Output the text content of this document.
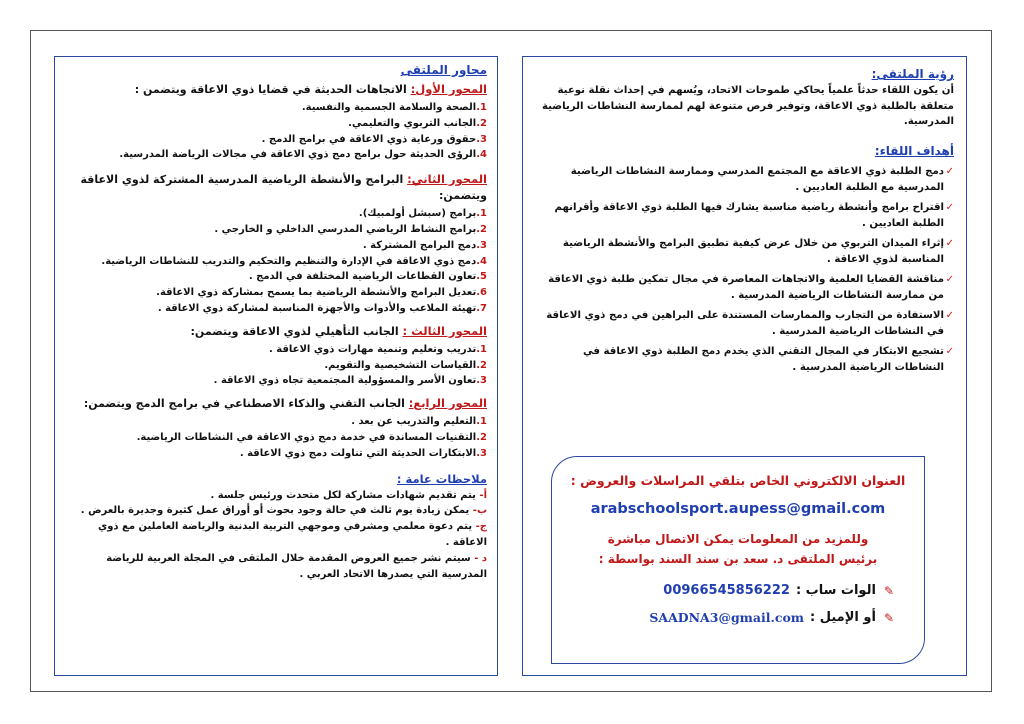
رؤية الملتقى:

أن يكون اللقاء حدثاً علمياً يحاكي طموحات الاتحاد، ويُسهم في إحداث نقلة نوعية متعلقة بالطلبة ذوي الاعاقة، وتوفير فرص متنوعة لهم لممارسة النشاطات الرياضية المدرسية.

أهداف اللقاء:
✓
دمج الطلبة ذوي الاعاقة مع المجتمع المدرسي وممارسة النشاطات الرياضية المدرسية مع الطلبة العاديين .
✓
اقتراح برامج وأنشطة رياضية مناسبة يشارك فيها الطلبة ذوي الاعاقة وأقرانهم الطلبة العاديين .
✓
إثراء الميدان التربوي من خلال عرض كيفية تطبيق البرامج والأنشطة الرياضية المناسبة لذوي الاعاقة .
✓
مناقشة القضايا العلمية والاتجاهات المعاصرة في مجال تمكين طلبة ذوي الاعاقة من ممارسة النشاطات الرياضية المدرسية .
✓
الاستفادة من التجارب والممارسات المستندة على البراهين في دمج ذوي الاعاقة في النشاطات الرياضية المدرسية .
✓
تشجيع الابتكار في المجال التقني الذي يخدم دمج الطلبة ذوي الاعاقة في النشاطات الرياضية المدرسية .

العنوان الالكتروني الخاص بتلقي المراسلات والعروض :

arabschoolsport.aupess@gmail.com

وللمزيد من المعلومات يمكن الاتصال مباشرة

برئيس الملتقى د. سعد بن سند السند بواسطة :

✎
الوات ساب :
00966545856222
✎
أو الإميل :
SAADNA3@gmail.com
محاور الملتقى
المحور الأول: الاتجاهات الحديثة في قضايا ذوي الاعاقة ويتضمن :

1.الصحة والسلامة الجسمية والنفسية.

2.الجانب التربوي والتعليمي.

3.حقوق ورعاية ذوي الاعاقة في برامج الدمج .

4.الرؤى الحديثة حول برامج دمج ذوي الاعاقة في مجالات الرياضة المدرسية.

المحور الثاني: البرامج والأنشطة الرياضية المدرسية المشتركة لذوي الاعاقة ويتضمن:

1.برامج (سبشل أولمبيك).

2.برامج النشاط الرياضي المدرسي الداخلي و الخارجي .

3.دمج البرامج المشتركة .

4.دمج ذوي الاعاقة في الإدارة والتنظيم والتحكيم والتدريب للنشاطات الرياضية.

5.تعاون القطاعات الرياضية المختلفة في الدمج .

6.تعديل البرامج والأنشطة الرياضية بما يسمح بمشاركة ذوي الاعاقة.

7.تهيئة الملاعب والأدوات والأجهزة المناسبة لمشاركة ذوي الاعاقة .

المحور الثالث : الجانب التأهيلي لذوي الاعاقة ويتضمن:

1.تدريب وتعليم وتنمية مهارات ذوي الاعاقة .

2.القياسات التشخيصية والتقويم.

3.تعاون الأسر والمسؤولية المجتمعية تجاه ذوي الاعاقة .

المحور الرابع: الجانب التقني والذكاء الاصطناعي في برامج الدمج ويتضمن:

1.التعليم والتدريب عن بعد .

2.التقنيات المساندة في خدمة دمج ذوي الاعاقة في النشاطات الرياضية.

3.الابتكارات الحديثة التي تناولت دمج ذوي الاعاقة .

ملاحظات عامة :

أ- يتم تقديم شهادات مشاركة لكل متحدث ورئيس جلسة .

ب- يمكن زيادة يوم ثالث في حالة وجود بحوث أو أوراق عمل كثيرة وجديرة بالعرض .

ج- يتم دعوة معلمي ومشرفي وموجهي التربية البدنية والرياضة العاملين مع ذوي الاعاقة .

د - سيتم نشر جميع العروض المقدمة خلال الملتقى في المجلة العربية للرياضة المدرسية التي يصدرها الاتحاد العربي .
